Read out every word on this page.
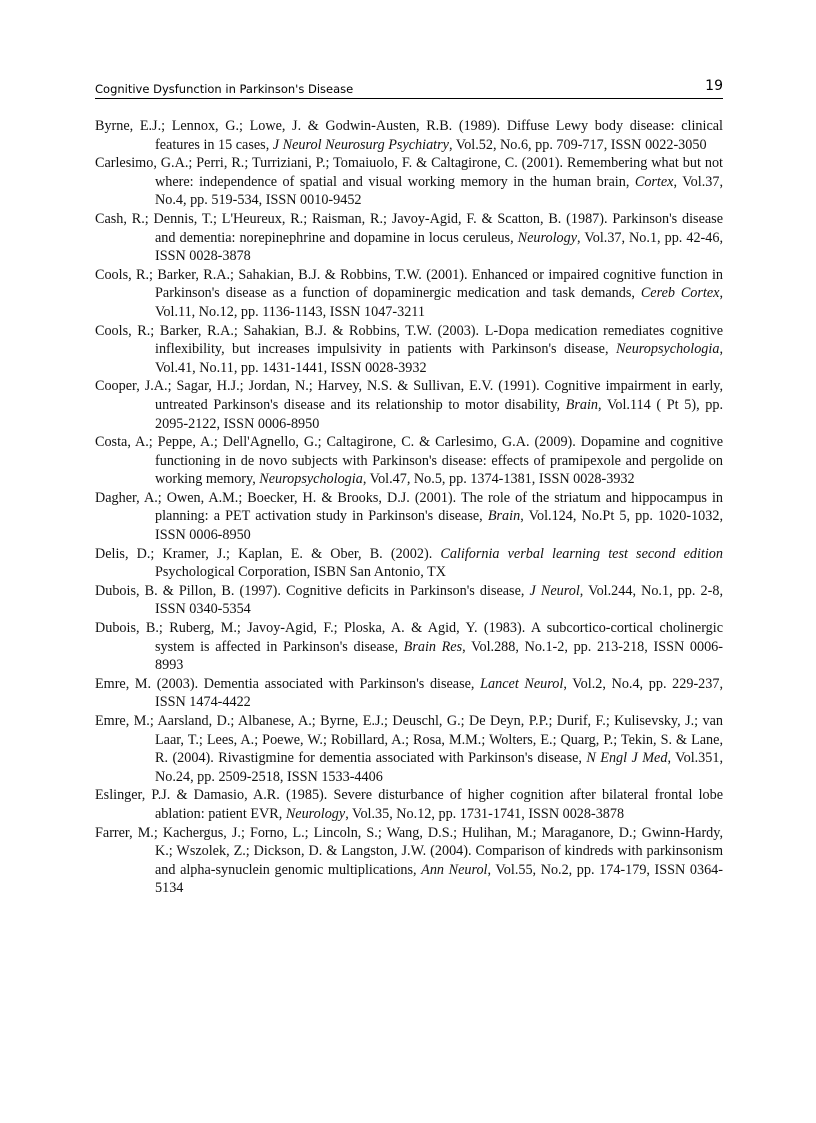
Cognitive Dysfunction in Parkinson's Disease	19

Byrne, E.J.; Lennox, G.; Lowe, J. & Godwin-Austen, R.B. (1989). Diffuse Lewy body disease: clinical features in 15 cases, J Neurol Neurosurg Psychiatry, Vol.52, No.6, pp. 709-717, ISSN 0022-3050

Carlesimo, G.A.; Perri, R.; Turriziani, P.; Tomaiuolo, F. & Caltagirone, C. (2001). Remembering what but not where: independence of spatial and visual working memory in the human brain, Cortex, Vol.37, No.4, pp. 519-534, ISSN 0010-9452

Cash, R.; Dennis, T.; L'Heureux, R.; Raisman, R.; Javoy-Agid, F. & Scatton, B. (1987). Parkinson's disease and dementia: norepinephrine and dopamine in locus ceruleus, Neurology, Vol.37, No.1, pp. 42-46, ISSN 0028-3878

Cools, R.; Barker, R.A.; Sahakian, B.J. & Robbins, T.W. (2001). Enhanced or impaired cognitive function in Parkinson's disease as a function of dopaminergic medication and task demands, Cereb Cortex, Vol.11, No.12, pp. 1136-1143, ISSN 1047-3211

Cools, R.; Barker, R.A.; Sahakian, B.J. & Robbins, T.W. (2003). L-Dopa medication remediates cognitive inflexibility, but increases impulsivity in patients with Parkinson's disease, Neuropsychologia, Vol.41, No.11, pp. 1431-1441, ISSN 0028-3932

Cooper, J.A.; Sagar, H.J.; Jordan, N.; Harvey, N.S. & Sullivan, E.V. (1991). Cognitive impairment in early, untreated Parkinson's disease and its relationship to motor disability, Brain, Vol.114 ( Pt 5), pp. 2095-2122, ISSN 0006-8950

Costa, A.; Peppe, A.; Dell'Agnello, G.; Caltagirone, C. & Carlesimo, G.A. (2009). Dopamine and cognitive functioning in de novo subjects with Parkinson's disease: effects of pramipexole and pergolide on working memory, Neuropsychologia, Vol.47, No.5, pp. 1374-1381, ISSN 0028-3932

Dagher, A.; Owen, A.M.; Boecker, H. & Brooks, D.J. (2001). The role of the striatum and hippocampus in planning: a PET activation study in Parkinson's disease, Brain, Vol.124, No.Pt 5, pp. 1020-1032, ISSN 0006-8950

Delis, D.; Kramer, J.; Kaplan, E. & Ober, B. (2002). California verbal learning test second edition Psychological Corporation, ISBN San Antonio, TX

Dubois, B. & Pillon, B. (1997). Cognitive deficits in Parkinson's disease, J Neurol, Vol.244, No.1, pp. 2-8, ISSN 0340-5354

Dubois, B.; Ruberg, M.; Javoy-Agid, F.; Ploska, A. & Agid, Y. (1983). A subcortico-cortical cholinergic system is affected in Parkinson's disease, Brain Res, Vol.288, No.1-2, pp. 213-218, ISSN 0006-8993

Emre, M. (2003). Dementia associated with Parkinson's disease, Lancet Neurol, Vol.2, No.4, pp. 229-237, ISSN 1474-4422

Emre, M.; Aarsland, D.; Albanese, A.; Byrne, E.J.; Deuschl, G.; De Deyn, P.P.; Durif, F.; Kulisevsky, J.; van Laar, T.; Lees, A.; Poewe, W.; Robillard, A.; Rosa, M.M.; Wolters, E.; Quarg, P.; Tekin, S. & Lane, R. (2004). Rivastigmine for dementia associated with Parkinson's disease, N Engl J Med, Vol.351, No.24, pp. 2509-2518, ISSN 1533-4406

Eslinger, P.J. & Damasio, A.R. (1985). Severe disturbance of higher cognition after bilateral frontal lobe ablation: patient EVR, Neurology, Vol.35, No.12, pp. 1731-1741, ISSN 0028-3878

Farrer, M.; Kachergus, J.; Forno, L.; Lincoln, S.; Wang, D.S.; Hulihan, M.; Maraganore, D.; Gwinn-Hardy, K.; Wszolek, Z.; Dickson, D. & Langston, J.W. (2004). Comparison of kindreds with parkinsonism and alpha-synuclein genomic multiplications, Ann Neurol, Vol.55, No.2, pp. 174-179, ISSN 0364-5134
